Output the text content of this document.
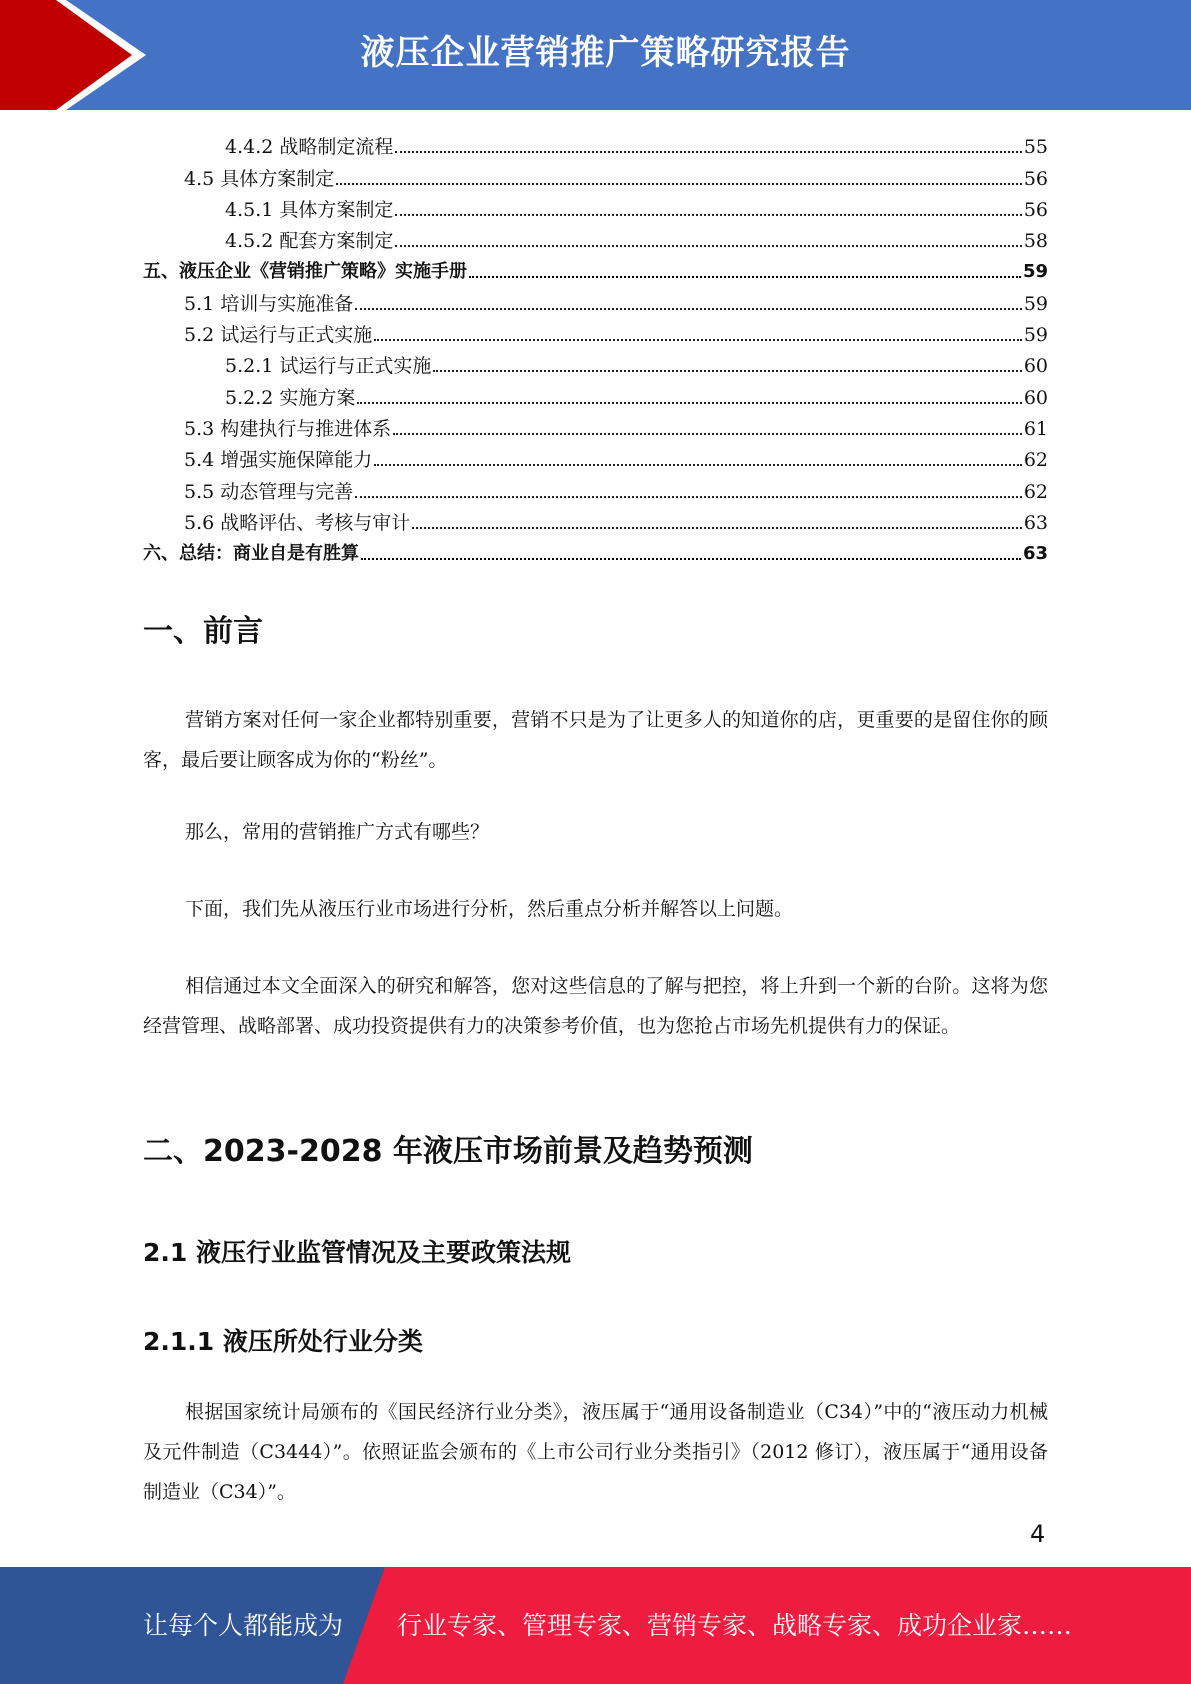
液压企业营销推广策略研究报告
4.4.2 战略制定流程	55
4.5 具体方案制定	56
4.5.1 具体方案制定	56
4.5.2 配套方案制定	58
五、液压企业《营销推广策略》实施手册	59
5.1 培训与实施准备	59
5.2 试运行与正式实施	59
5.2.1 试运行与正式实施	60
5.2.2 实施方案	60
5.3 构建执行与推进体系	61
5.4 增强实施保障能力	62
5.5 动态管理与完善	62
5.6 战略评估、考核与审计	63
六、总结：商业自是有胜算	63
一、前言

营销方案对任何一家企业都特别重要，营销不只是为了让更多人的知道你的店，更重要的是留住你的顾客，最后要让顾客成为你的“粉丝”。

那么，常用的营销推广方式有哪些？

下面，我们先从液压行业市场进行分析，然后重点分析并解答以上问题。

相信通过本文全面深入的研究和解答，您对这些信息的了解与把控，将上升到一个新的台阶。这将为您经营管理、战略部署、成功投资提供有力的决策参考价值，也为您抢占市场先机提供有力的保证。

二、2023-2028 年液压市场前景及趋势预测
2.1 液压行业监管情况及主要政策法规
2.1.1 液压所处行业分类

根据国家统计局颁布的《国民经济行业分类》，液压属于“通用设备制造业（C34）”中的“液压动力机械及元件制造（C3444）”。依照证监会颁布的《上市公司行业分类指引》（2012 修订），液压属于“通用设备制造业（C34）”。

4
让每个人都能成为 行业专家、管理专家、营销专家、战略专家、成功企业家……
